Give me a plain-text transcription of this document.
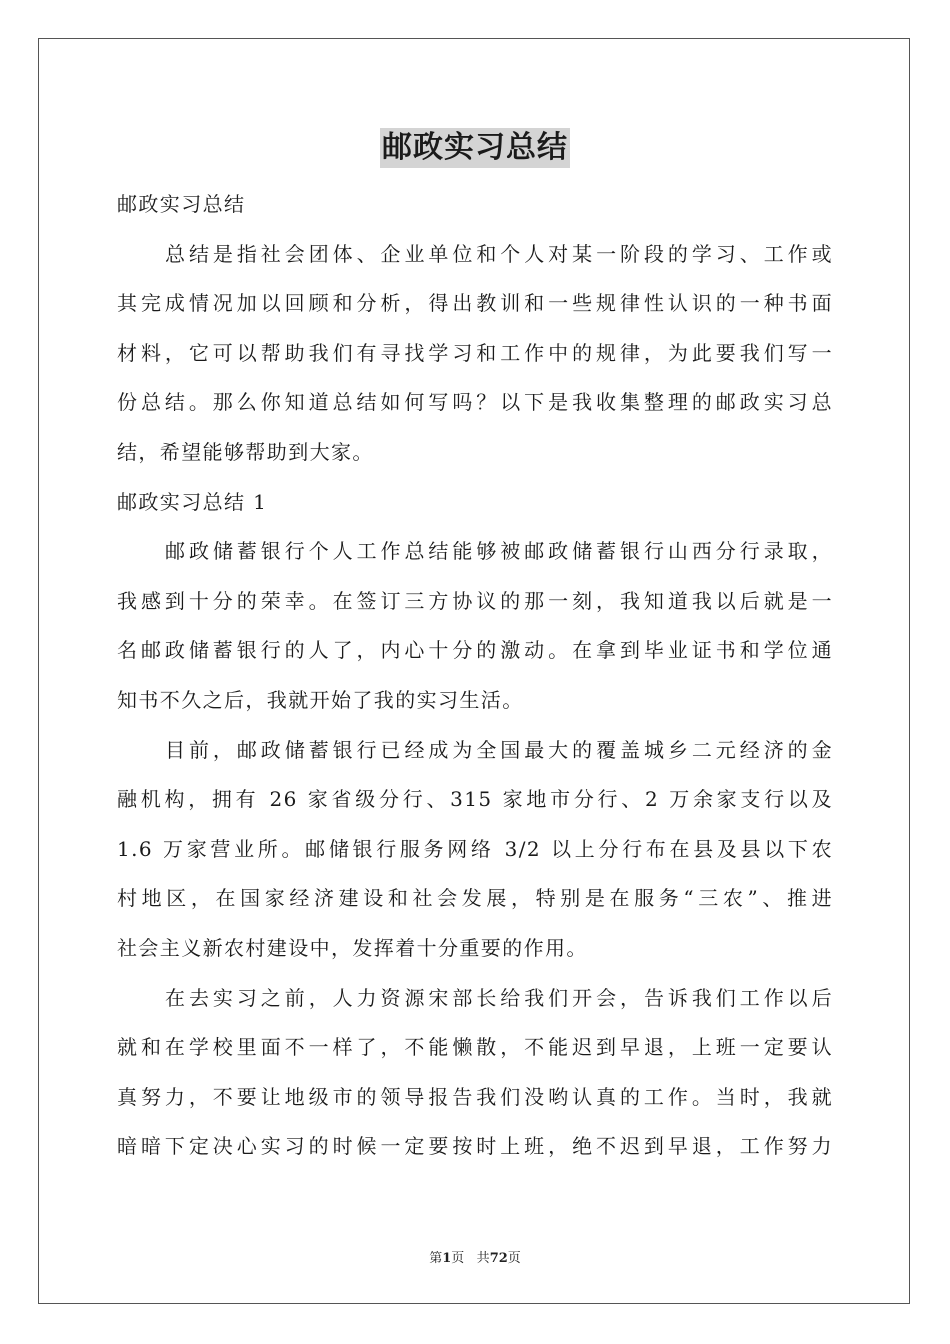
邮政实习总结
邮政实习总结
总结是指社会团体、企业单位和个人对某一阶段的学习、工作或
其完成情况加以回顾和分析，得出教训和一些规律性认识的一种书面
材料，它可以帮助我们有寻找学习和工作中的规律，为此要我们写一
份总结。那么你知道总结如何写吗？以下是我收集整理的邮政实习总
结，希望能够帮助到大家。
邮政实习总结 1
邮政储蓄银行个人工作总结能够被邮政储蓄银行山西分行录取，
我感到十分的荣幸。在签订三方协议的那一刻，我知道我以后就是一
名邮政储蓄银行的人了，内心十分的激动。在拿到毕业证书和学位通
知书不久之后，我就开始了我的实习生活。
目前，邮政储蓄银行已经成为全国最大的覆盖城乡二元经济的金
融机构，拥有 26 家省级分行、315 家地市分行、2 万余家支行以及
1.6 万家营业所。邮储银行服务网络 3/2 以上分行布在县及县以下农
村地区，在国家经济建设和社会发展，特别是在服务“三农”、推进
社会主义新农村建设中，发挥着十分重要的作用。
在去实习之前，人力资源宋部长给我们开会，告诉我们工作以后
就和在学校里面不一样了，不能懒散，不能迟到早退，上班一定要认
真努力，不要让地级市的领导报告我们没哟认真的工作。当时，我就
暗暗下定决心实习的时候一定要按时上班，绝不迟到早退，工作努力
第1页 共72页
